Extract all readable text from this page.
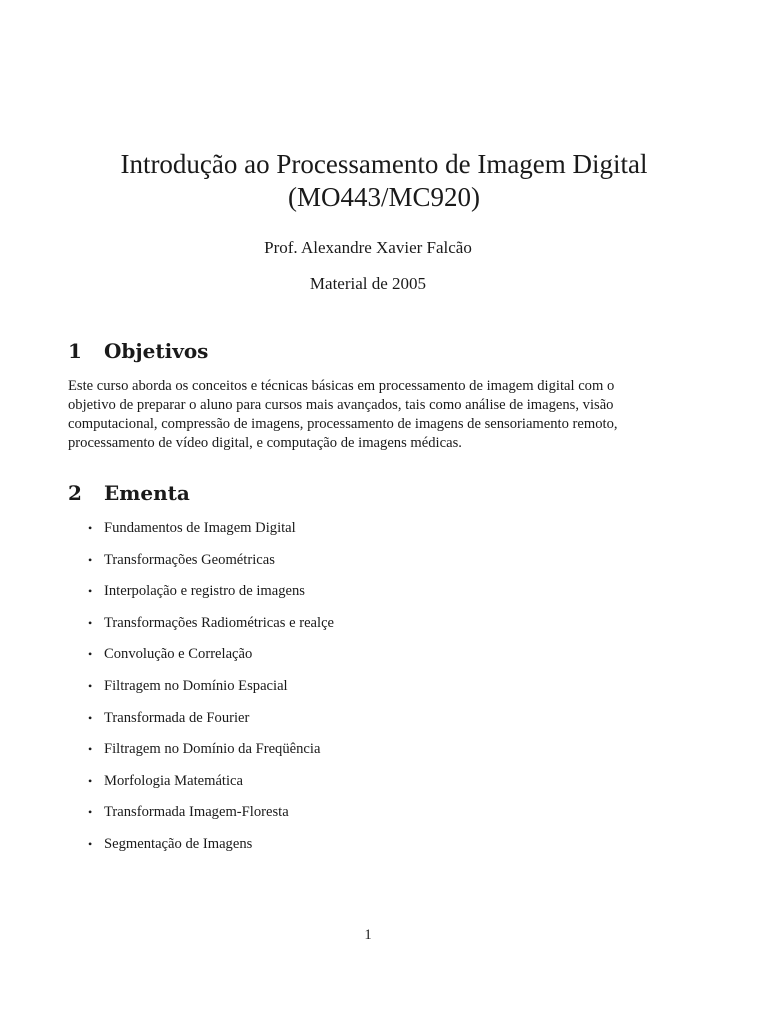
Introdução ao Processamento de Imagem Digital
(MO443/MC920)
Prof. Alexandre Xavier Falcão
Material de 2005
1	Objetivos
Este curso aborda os conceitos e técnicas básicas em processamento de imagem digital com o
objetivo de preparar o aluno para cursos mais avançados, tais como análise de imagens, visão
computacional, compressão de imagens, processamento de imagens de sensoriamento remoto,
processamento de vídeo digital, e computação de imagens médicas.
2	Ementa
• Fundamentos de Imagem Digital
• Transformações Geométricas
• Interpolação e registro de imagens
• Transformações Radiométricas e realçe
• Convolução e Correlação
• Filtragem no Domínio Espacial
• Transformada de Fourier
• Filtragem no Domínio da Freqüência
• Morfologia Matemática
• Transformada Imagem-Floresta
• Segmentação de Imagens
1
